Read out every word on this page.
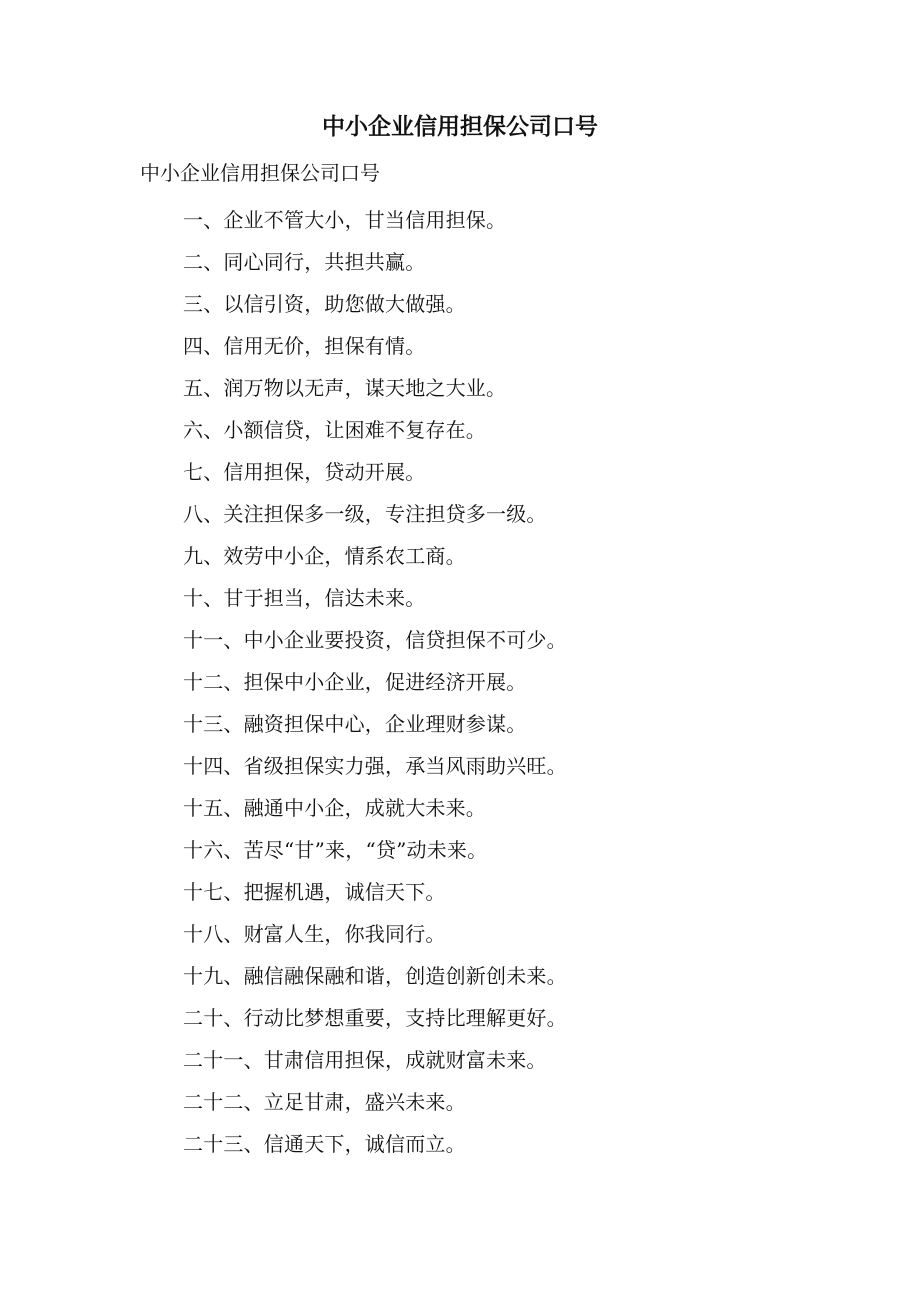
中小企业信用担保公司口号

中小企业信用担保公司口号

一、企业不管大小，甘当信用担保。
二、同心同行，共担共赢。
三、以信引资，助您做大做强。
四、信用无价，担保有情。
五、润万物以无声，谋天地之大业。
六、小额信贷，让困难不复存在。
七、信用担保，贷动开展。
八、关注担保多一级，专注担贷多一级。
九、效劳中小企，情系农工商。
十、甘于担当，信达未来。
十一、中小企业要投资，信贷担保不可少。
十二、担保中小企业，促进经济开展。
十三、融资担保中心，企业理财参谋。
十四、省级担保实力强，承当风雨助兴旺。
十五、融通中小企，成就大未来。
十六、苦尽“甘”来，“贷”动未来。
十七、把握机遇，诚信天下。
十八、财富人生，你我同行。
十九、融信融保融和谐，创造创新创未来。
二十、行动比梦想重要，支持比理解更好。
二十一、甘肃信用担保，成就财富未来。
二十二、立足甘肃，盛兴未来。
二十三、信通天下，诚信而立。
